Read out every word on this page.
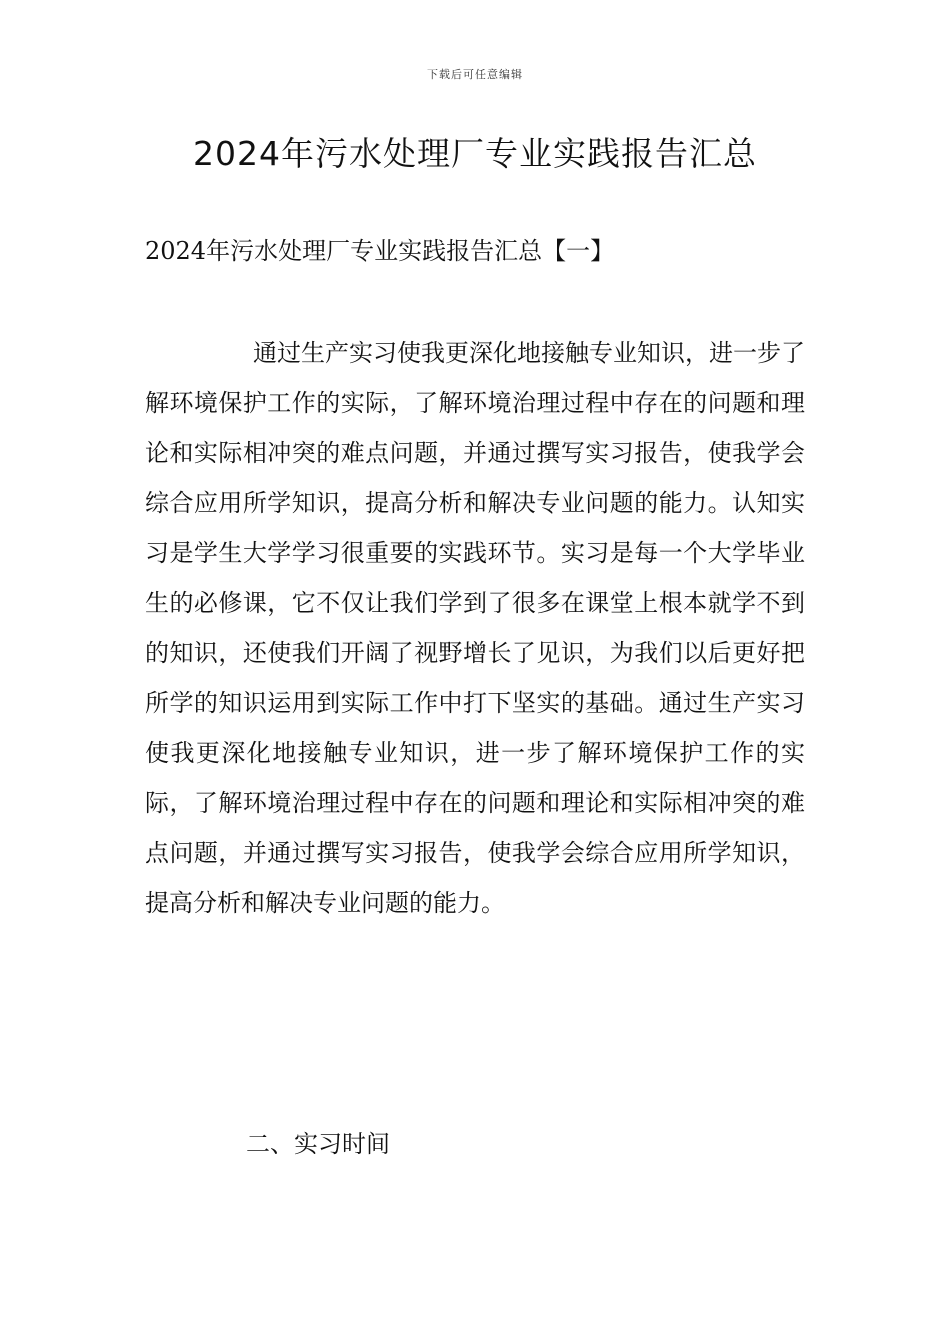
下载后可任意编辑
2024年污水处理厂专业实践报告汇总
2024年污水处理厂专业实践报告汇总【一】

通过生产实习使我更深化地接触专业知识，进一步了解环境保护工作的实际，了解环境治理过程中存在的问题和理论和实际相冲突的难点问题，并通过撰写实习报告，使我学会综合应用所学知识，提高分析和解决专业问题的能力。认知实习是学生大学学习很重要的实践环节。实习是每一个大学毕业生的必修课，它不仅让我们学到了很多在课堂上根本就学不到的知识，还使我们开阔了视野增长了见识，为我们以后更好把所学的知识运用到实际工作中打下坚实的基础。通过生产实习使我更深化地接触专业知识，进一步了解环境保护工作的实际，了解环境治理过程中存在的问题和理论和实际相冲突的难点问题，并通过撰写实习报告，使我学会综合应用所学知识，提高分析和解决专业问题的能力。

二、实习时间
